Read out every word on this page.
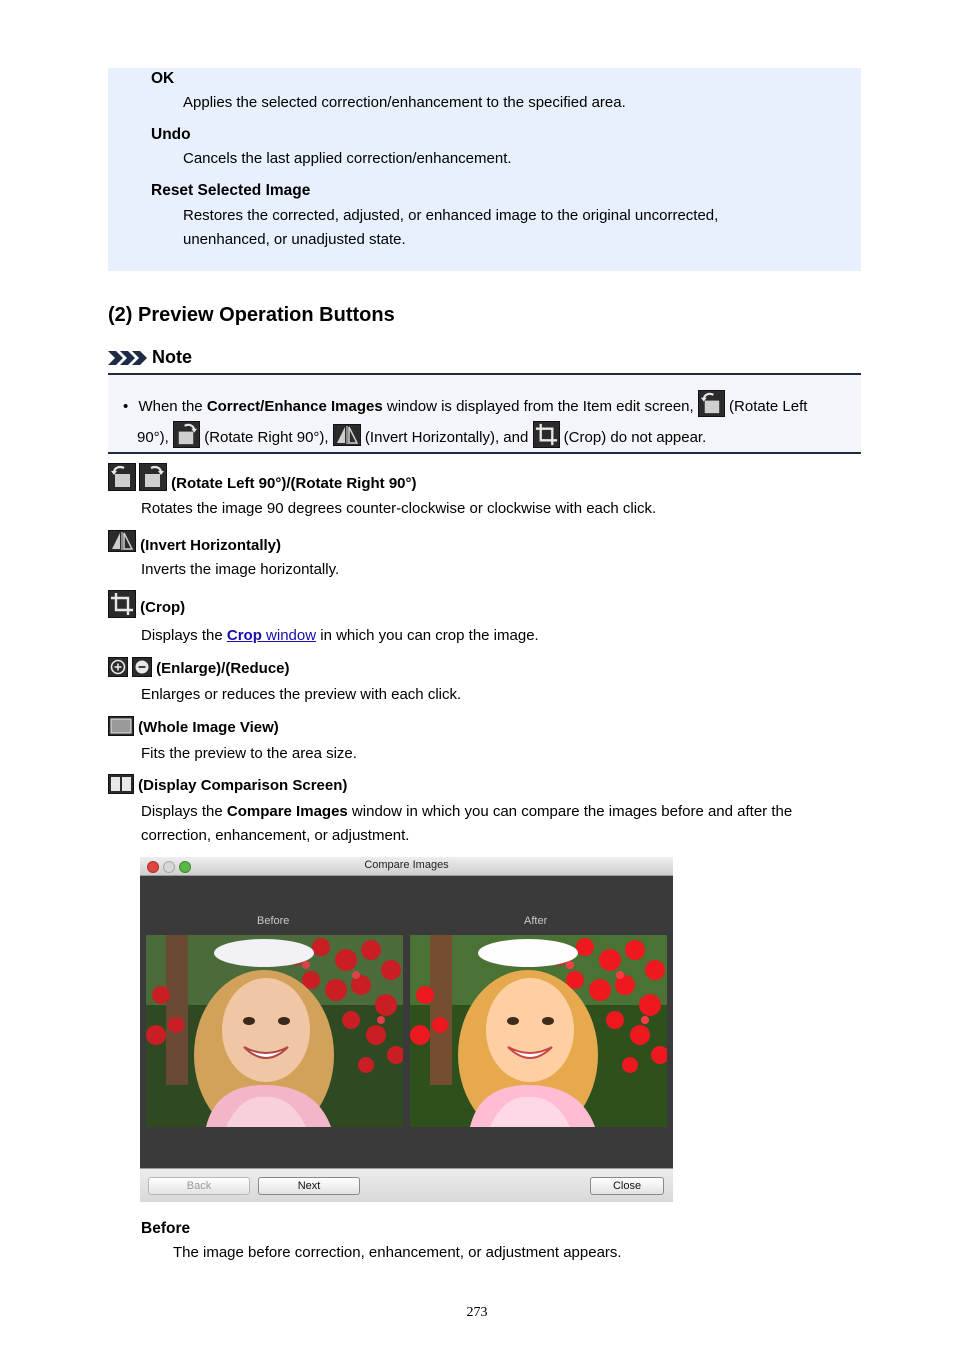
OK
Applies the selected correction/enhancement to the specified area.
Undo
Cancels the last applied correction/enhancement.
Reset Selected Image
Restores the corrected, adjusted, or enhanced image to the original uncorrected,
unenhanced, or unadjusted state.
(2) Preview Operation Buttons
Note
• When the Correct/Enhance Images window is displayed from the Item edit screen,  (Rotate Left
90°),  (Rotate Right 90°),  (Invert Horizontally), and  (Crop) do not appear.
(Rotate Left 90°)/(Rotate Right 90°)
Rotates the image 90 degrees counter-clockwise or clockwise with each click.
(Invert Horizontally)
Inverts the image horizontally.
(Crop)
Displays the Crop window in which you can crop the image.
(Enlarge)/(Reduce)
Enlarges or reduces the preview with each click.
(Whole Image View)
Fits the preview to the area size.
(Display Comparison Screen)
Displays the Compare Images window in which you can compare the images before and after the
correction, enhancement, or adjustment.
Compare Images
Before	After
Back	Next	Close
Before
The image before correction, enhancement, or adjustment appears.
273
